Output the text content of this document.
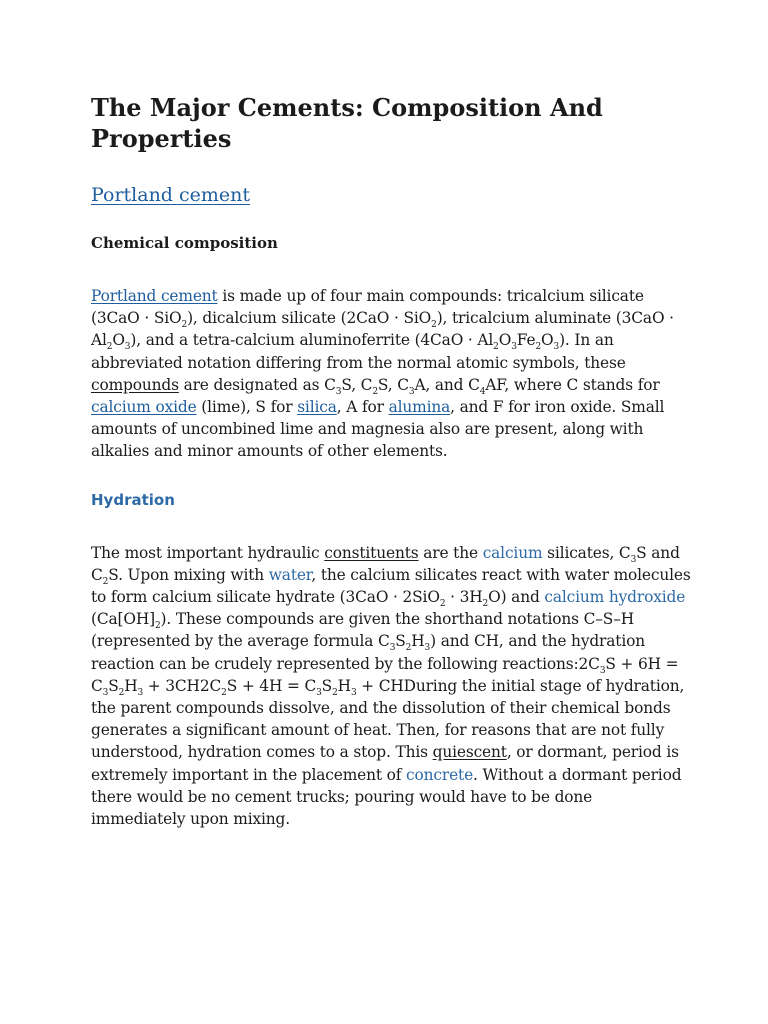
The Major Cements: Composition And Properties
Portland cement
Chemical composition

Portland cement is made up of four main compounds: tricalcium silicate (3CaO · SiO$_2$), dicalcium silicate (2CaO · SiO$_2$), tricalcium aluminate $(3CaO \cdot Al_2O_3)$, and a tetra-calcium aluminoferrite $(4CaO \cdot Al_2O_3Fe_2O_3)$. In an abbreviated notation differing from the normal atomic symbols, these compounds are designated as $C_3S$, $C_2S$, $C_3A$, and $C_4AF$, where C stands for calcium oxide (lime), S for silica, A for alumina, and F for iron oxide. Small amounts of uncombined lime and magnesia also are present, along with alkalies and minor amounts of other elements.

Hydration

The most important hydraulic constituents are the calcium silicates, $C_3S$ and $C_2S$. Upon mixing with water, the calcium silicates react with water molecules to form calcium silicate hydrate $(3CaO \cdot 2SiO_2 \cdot 3H_2O)$ and calcium hydroxide $(Ca[OH]_2)$. These compounds are given the shorthand notations C–S–H (represented by the average formula $C_3S_2H_3$) and CH, and the hydration reaction can be crudely represented by the following $reactions:2C_3S + 6H = C_3S_2H_3 + 3CH2C_2S + 4H = C_3S_2H_3$ + CHDuring the initial stage of hydration, the parent compounds dissolve, and the dissolution of their chemical bonds generates a significant amount of heat. Then, for reasons that are not fully understood, hydration comes to a stop. This quiescent, or dormant, period is extremely important in the placement of concrete. Without a dormant period there would be no cement trucks; pouring would have to be done immediately upon mixing.
